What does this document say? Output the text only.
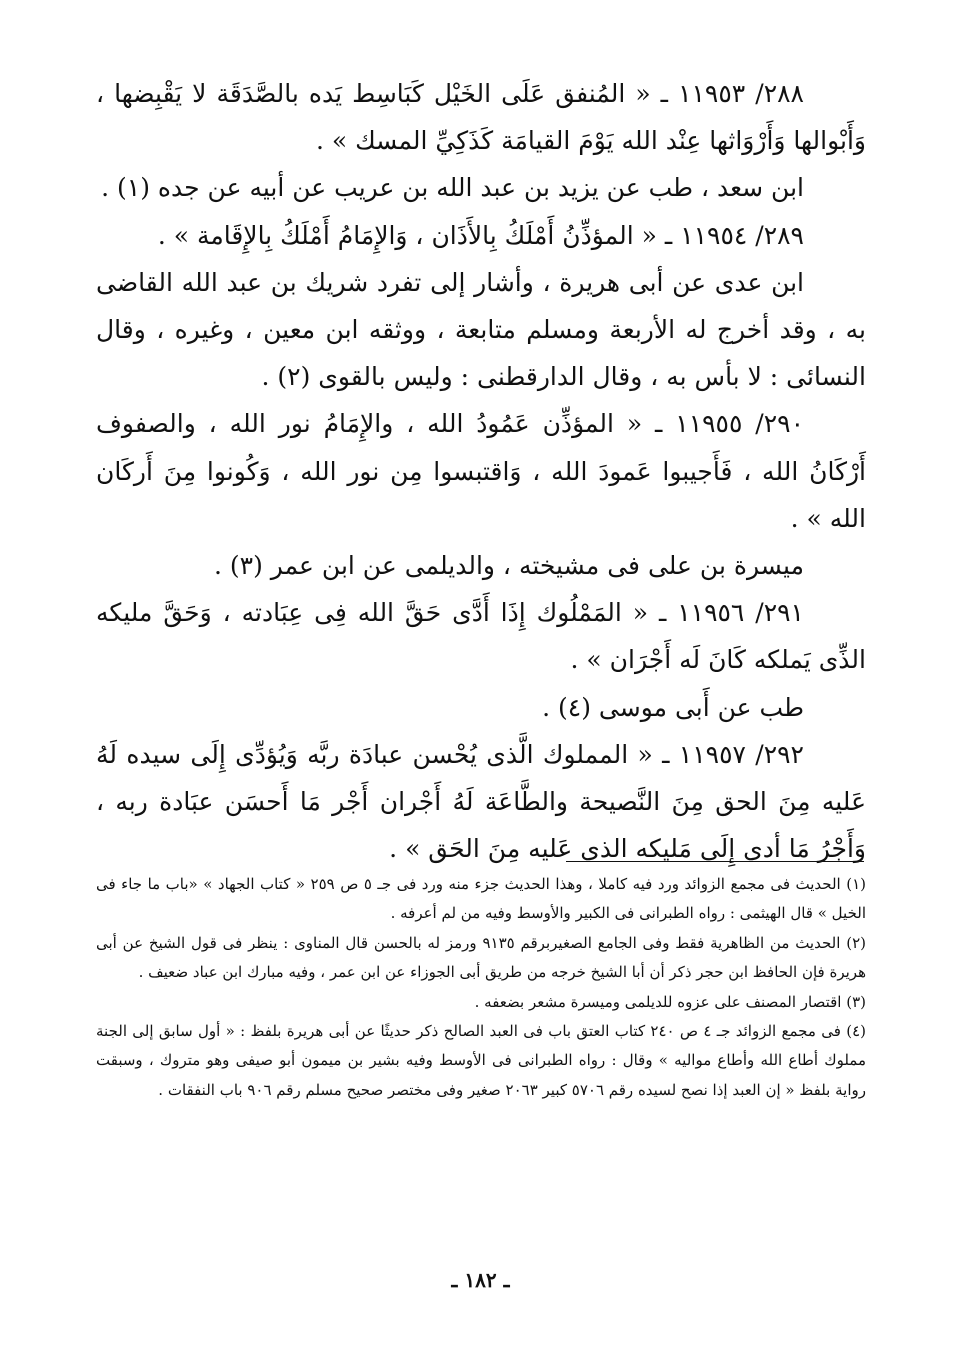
٢٨٨/ ١١٩٥٣ ـ « المُنفق عَلَى الخَيْل كَبَاسِط يَده بالصَّدَقَة لا يَقْبِضها ، وَأَبْوالها وَأَرْوَاثها عِنْد الله يَوْمَ القيامَة كَذَكِيِّ المسك » .

ابن سعد ، طب عن يزيد بن عبد الله بن عريب عن أبيه عن جده (١) .

٢٨٩/ ١١٩٥٤ ـ « المؤذِّنُ أَمْلَكُ بِالأَذَان ، وَالإِمَامُ أَمْلَكُ بِالإِقَامة » .

ابن عدى عن أبى هريرة ، وأشار إلى تفرد شريك بن عبد الله القاضى به ، وقد أخرج له الأربعة ومسلم متابعة ، ووثقه ابن معين ، وغيره ، وقال النسائى : لا بأس به ، وقال الدارقطنى : وليس بالقوى (٢) .

٢٩٠/ ١١٩٥٥ ـ « المؤذِّن عَمُودُ الله ، والإِمَامُ نور الله ، والصفوف أَرْكَانُ الله ، فَأَجيبوا عَمودَ الله ، وَاقتبسوا مِن نور الله ، وَكُونوا مِنَ أَركَان الله » .

ميسرة بن على فى مشيخته ، والديلمى عن ابن عمر (٣) .

٢٩١/ ١١٩٥٦ ـ « المَمْلُوك إِذَا أَدَّى حَقَّ الله فِى عِبَادته ، وَحَقَّ مليكه الذِّى يَملكه كَانَ لَه أَجْرَان » .

طب عن أَبى موسى (٤) .

٢٩٢/ ١١٩٥٧ ـ « المملوك الَّذى يُحْسن عبادَة ربَّه وَيُؤدِّى إِلَى سيده لَهُ عَليه مِنَ الحق مِنَ النَّصيحة والطَّاعَة لَهُ أَجْران أَجْر مَا أَحسَن عبَادة ربه ، وَأَجْرُ مَا أدى إِلَى مَليكه الذى عَليه مِنَ الحَق » .

(١) الحديث فى مجمع الزوائد ورد فيه كاملا ، وهذا الحديث جزء منه ورد فى جـ ٥ ص ٢٥٩ « كتاب الجهاد » «باب ما جاء فى الخيل » قال الهيثمى : رواه الطبرانى فى الكبير والأوسط وفيه من لم أعرفه .

(٢) الحديث من الظاهرية فقط وفى الجامع الصغيربرقم ٩١٣٥ ورمز له بالحسن قال المناوى : ينظر فى قول الشيخ عن أبى هريرة فإن الحافظ ابن حجر ذكر أن أبا الشيخ خرجه من طريق أبى الجوزاء عن ابن عمر ، وفيه مبارك ابن عباد ضعيف .

(٣) اقتصار المصنف على عزوه للديلمى وميسرة مشعر بضعفه .

(٤) فى مجمع الزوائد جـ ٤ ص ٢٤٠ كتاب العتق باب فى العبد الصالح ذكر حديثًا عن أبى هريرة بلفظ : « أول سابق إلى الجنة مملوك أطاع الله وأطاع مواليه » وقال : رواه الطبرانى فى الأوسط وفيه بشير بن ميمون أبو صيفى وهو متروك ، وسبقت رواية بلفظ « إن العبد إذا نصح لسيده رقم ٥٧٠٦ كبير ٢٠٦٣ صغير وفى مختصر صحيح مسلم رقم ٩٠٦ باب النفقات .

ـ ١٨٢ ـ
